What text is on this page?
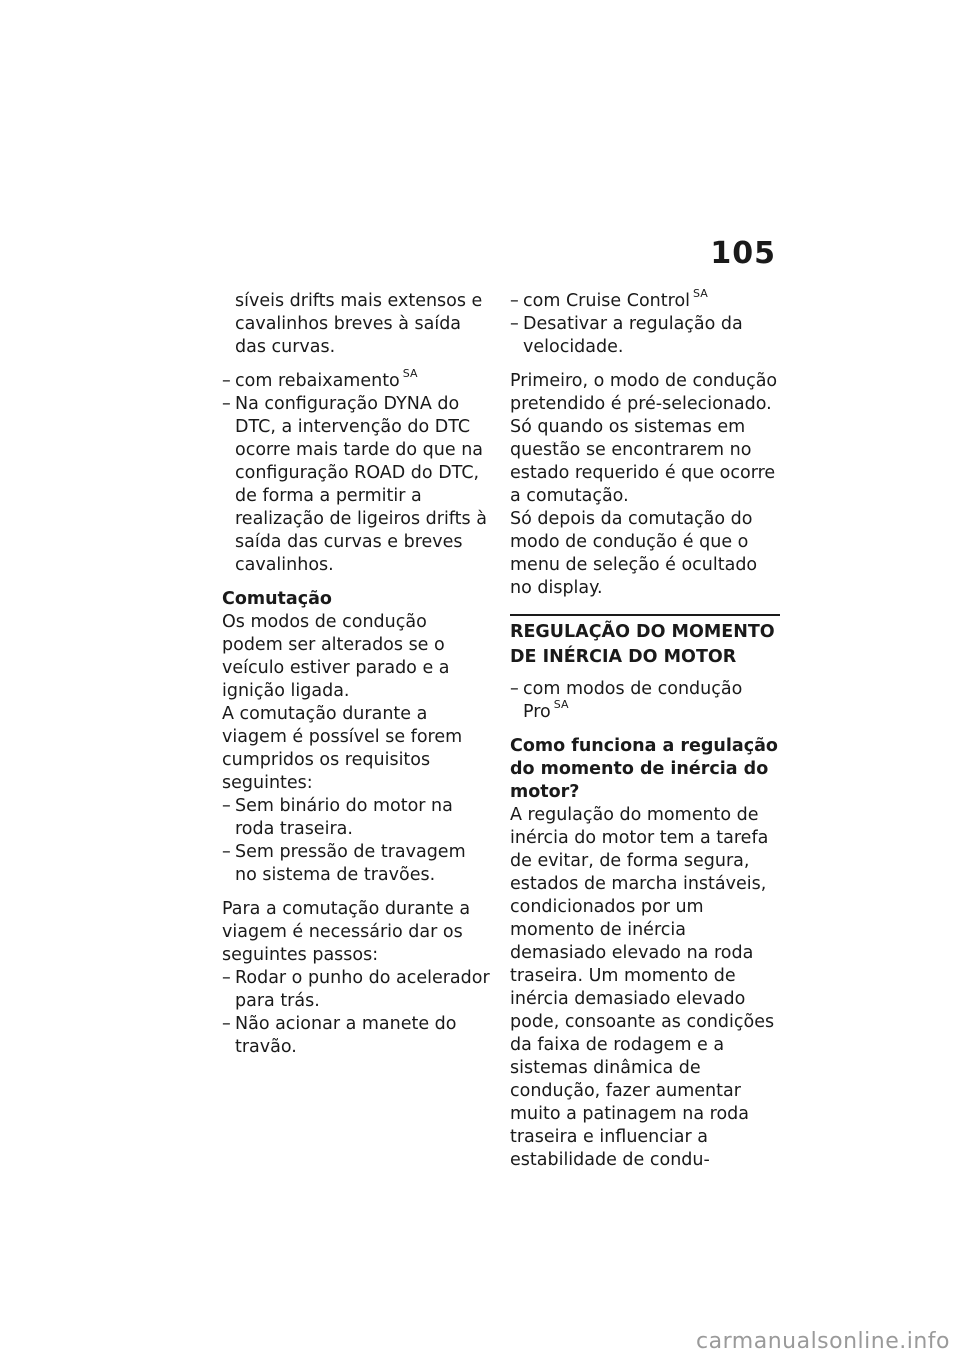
105

síveis drifts mais extensos e cavalinhos breves à saída das curvas.

– com rebaixamento $^{SA}$
– Na configuração DYNA do DTC, a intervenção do DTC ocorre mais tarde do que na configuração ROAD do DTC, de forma a permitir a realização de ligeiros drifts à saída das curvas e breves cavalinhos.

Comutação

Os modos de condução podem ser alterados se o veículo estiver parado e a ignição ligada.

A comutação durante a viagem é possível se forem cumpridos os requisitos seguintes:

– Sem binário do motor na roda traseira.
– Sem pressão de travagem no sistema de travões.

Para a comutação durante a viagem é necessário dar os seguintes passos:

– Rodar o punho do acelerador para trás.
– Não acionar a manete do travão.
– com Cruise Control $^{SA}$
– Desativar a regulação da velocidade.

Primeiro, o modo de condução pretendido é pré-selecionado. Só quando os sistemas em questão se encontrarem no estado requerido é que ocorre a comutação.

Só depois da comutação do modo de condução é que o menu de seleção é ocultado no display.

REGULAÇÃO DO MOMENTO DE INÉRCIA DO MOTOR
– com modos de condução Pro $^{SA}$

Como funciona a regulação do momento de inércia do motor?

A regulação do momento de inércia do motor tem a tarefa de evitar, de forma segura, estados de marcha instáveis, condicionados por um momento de inércia demasiado elevado na roda traseira. Um momento de inércia demasiado elevado pode, consoante as condições da faixa de rodagem e a sistemas dinâmica de condução, fazer aumentar muito a patinagem na roda traseira e influenciar a estabilidade de condu-

carmanualsonline.info
